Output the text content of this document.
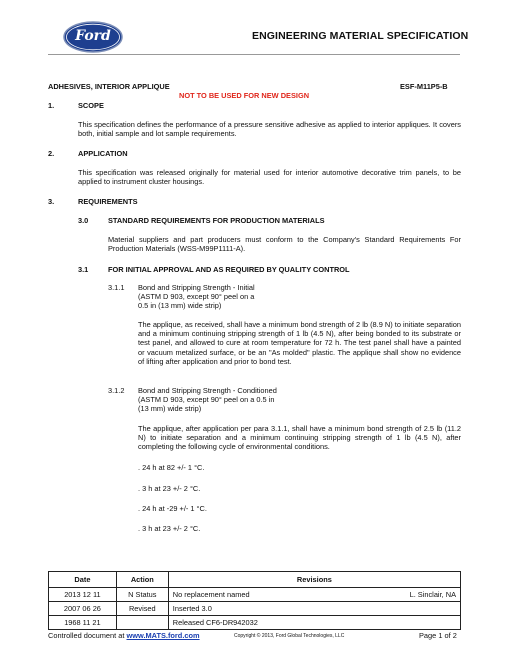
Ford	ENGINEERING MATERIAL SPECIFICATION
ADHESIVES, INTERIOR APPLIQUE	ESF-M11P5-B
NOT TO BE USED FOR NEW DESIGN
1.	SCOPE
This specification defines the performance of a pressure sensitive adhesive as applied to interior appliques. It covers both, initial sample and lot sample requirements.
2.	APPLICATION
This specification was released originally for material used for interior automotive decorative trim panels, to be applied to instrument cluster housings.
3.	REQUIREMENTS
3.0	STANDARD REQUIREMENTS FOR PRODUCTION MATERIALS
Material suppliers and part producers must conform to the Company's Standard Requirements For Production Materials (WSS-M99P1111-A).
3.1	FOR INITIAL APPROVAL AND AS REQUIRED BY QUALITY CONTROL
3.1.1 Bond and Stripping Strength - Initial
(ASTM D 903, except 90° peel on a
0.5 in (13 mm) wide strip)
The applique, as received, shall have a minimum bond strength of 2 lb (8.9 N) to initiate separation and a minimum continuing stripping strength of 1 lb (4.5 N), after being bonded to its substrate or test panel, and allowed to cure at room temperature for 72 h. The test panel shall have a painted or vacuum metalized surface, or be an "As molded" plastic. The applique shall show no evidence of lifting after application and prior to bond test.
3.1.2 Bond and Stripping Strength - Conditioned
(ASTM D 903, except 90° peel on a 0.5 in
(13 mm) wide strip)
The applique, after application per para 3.1.1, shall have a minimum bond strength of 2.5 lb (11.2 N) to initiate separation and a minimum continuing stripping strength of 1 lb (4.5 N), after completing the following cycle of environmental conditions.
. 24 h at 82 +/- 1 °C.
. 3 h at 23 +/- 2 °C.
. 24 h at -29 +/- 1 °C.
. 3 h at 23 +/- 2 °C.
Date	Action	Revisions
2013 12 11	N Status	No replacement named L. Sinclair, NA

2007 06 26	Revised	Inserted 3.0

1968 11 21		Released CF6-DR942032
Controlled document at www.MATS.ford.com	Copyright © 2013, Ford Global Technologies, LLC	Page 1 of 2
